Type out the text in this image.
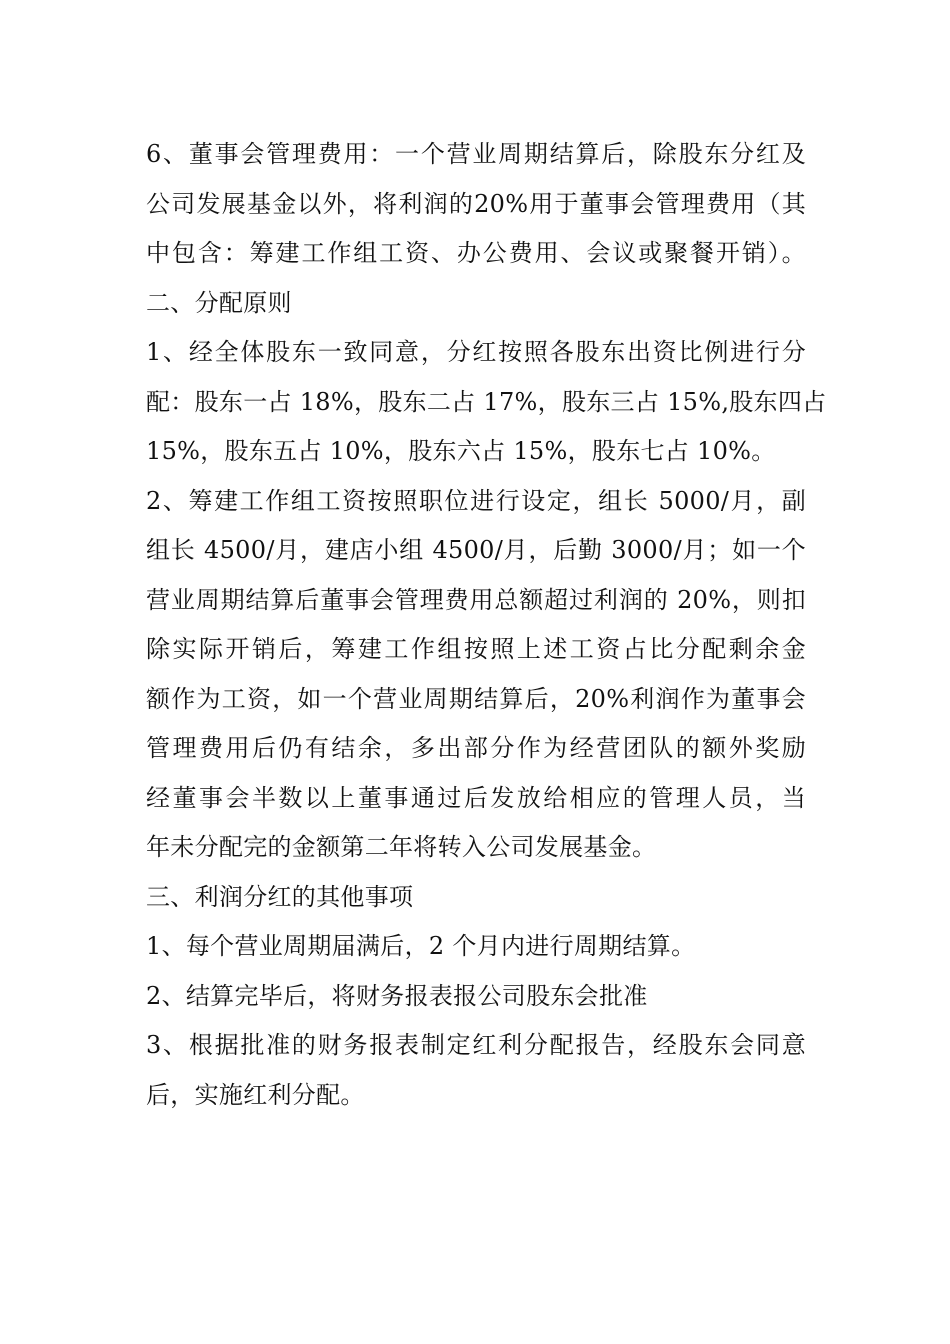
6、董事会管理费用：一个营业周期结算后，除股东分红及
公司发展基金以外，将利润的20%用于董事会管理费用（其
中包含：筹建工作组工资、办公费用、会议或聚餐开销）。
二、分配原则
1、经全体股东一致同意，分红按照各股东出资比例进行分
配：股东一占 18%，股东二占 17%，股东三占 15%,股东四占
15%，股东五占 10%，股东六占 15%，股东七占 10%。
2、筹建工作组工资按照职位进行设定，组长 5000/月，副
组长 4500/月，建店小组 4500/月，后勤 3000/月；如一个
营业周期结算后董事会管理费用总额超过利润的 20%，则扣
除实际开销后，筹建工作组按照上述工资占比分配剩余金
额作为工资，如一个营业周期结算后，20%利润作为董事会
管理费用后仍有结余，多出部分作为经营团队的额外奖励
经董事会半数以上董事通过后发放给相应的管理人员，当
年未分配完的金额第二年将转入公司发展基金。
三、利润分红的其他事项
1、每个营业周期届满后，2 个月内进行周期结算。
2、结算完毕后，将财务报表报公司股东会批准
3、根据批准的财务报表制定红利分配报告，经股东会同意
后，实施红利分配。
